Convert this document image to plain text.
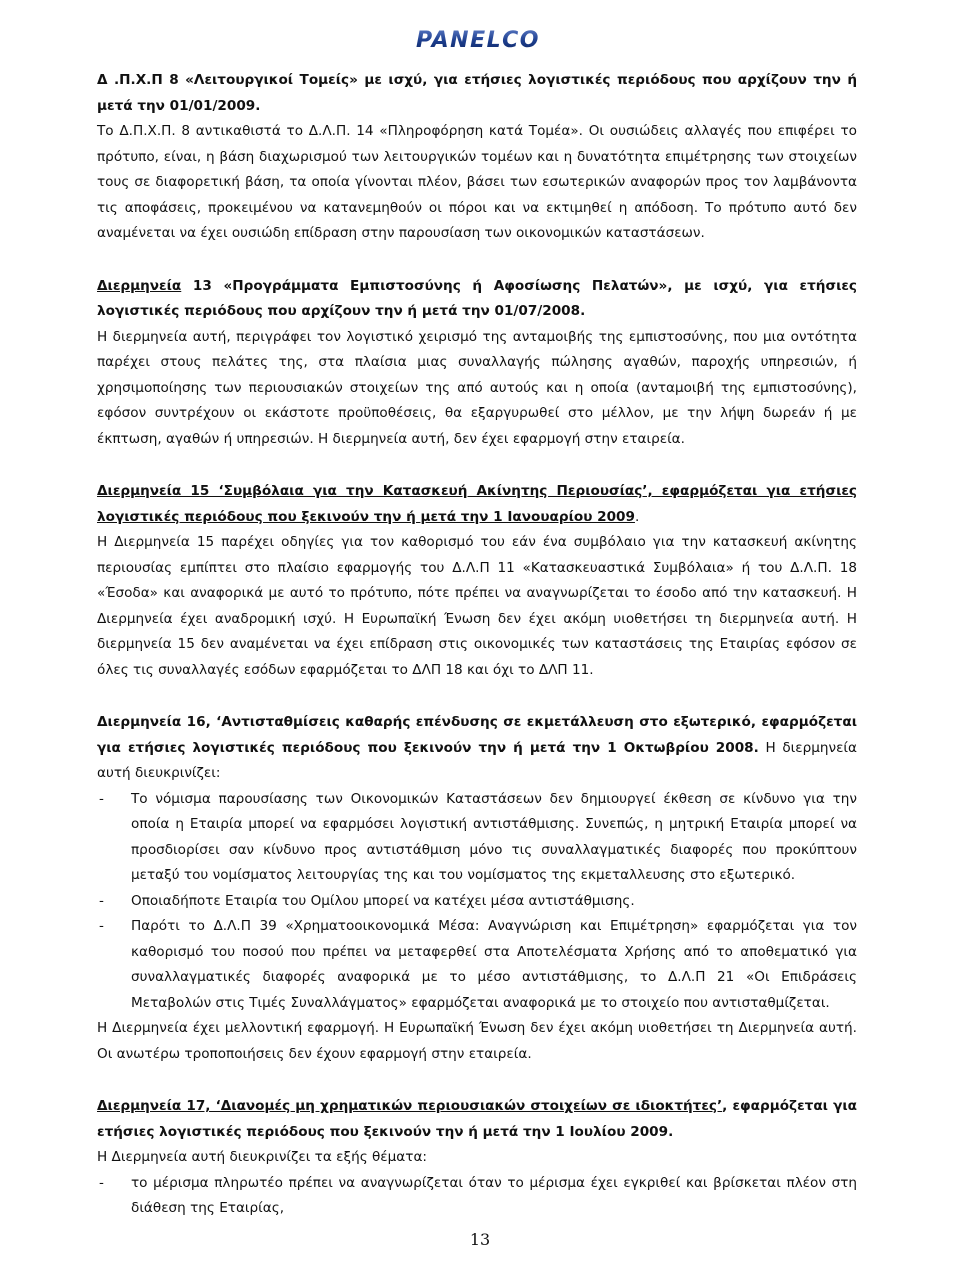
PANELCO

Δ .Π.Χ.Π 8 «Λειτουργικοί Τομείς» με ισχύ, για ετήσιες λογιστικές περιόδους που αρχίζουν την ή μετά την 01/01/2009.

Το Δ.Π.Χ.Π. 8 αντικαθιστά το Δ.Λ.Π. 14 «Πληροφόρηση κατά Τομέα». Οι ουσιώδεις αλλαγές που επιφέρει το πρότυπο, είναι, η βάση διαχωρισμού των λειτουργικών τομέων και η δυνατότητα επιμέτρησης των στοιχείων τους σε διαφορετική βάση, τα οποία γίνονται πλέον, βάσει των εσωτερικών αναφορών προς τον λαμβάνοντα τις αποφάσεις, προκειμένου να κατανεμηθούν οι πόροι και να εκτιμηθεί η απόδοση. Το πρότυπο αυτό δεν αναμένεται να έχει ουσιώδη επίδραση στην παρουσίαση των οικονομικών καταστάσεων.

Διερμηνεία 13 «Προγράμματα Εμπιστοσύνης ή Αφοσίωσης Πελατών», με ισχύ, για ετήσιες λογιστικές περιόδους που αρχίζουν την ή μετά την 01/07/2008.

Η διερμηνεία αυτή, περιγράφει τον λογιστικό χειρισμό της ανταμοιβής της εμπιστοσύνης, που μια οντότητα παρέχει στους πελάτες της, στα πλαίσια μιας συναλλαγής πώλησης αγαθών, παροχής υπηρεσιών, ή χρησιμοποίησης των περιουσιακών στοιχείων της από αυτούς και η οποία (ανταμοιβή της εμπιστοσύνης), εφόσον συντρέχουν οι εκάστοτε προϋποθέσεις, θα εξαργυρωθεί στο μέλλον, με την λήψη δωρεάν ή με έκπτωση, αγαθών ή υπηρεσιών. Η διερμηνεία αυτή, δεν έχει εφαρμογή στην εταιρεία.

Διερμηνεία 15 ‘Συμβόλαια για την Κατασκευή Ακίνητης Περιουσίας’, εφαρμόζεται για ετήσιες λογιστικές περιόδους που ξεκινούν την ή μετά την 1 Ιανουαρίου 2009.

Η Διερμηνεία 15 παρέχει οδηγίες για τον καθορισμό του εάν ένα συμβόλαιο για την κατασκευή ακίνητης περιουσίας εμπίπτει στο πλαίσιο εφαρμογής του Δ.Λ.Π 11 «Κατασκευαστικά Συμβόλαια» ή του Δ.Λ.Π. 18 «Έσοδα» και αναφορικά με αυτό το πρότυπο, πότε πρέπει να αναγνωρίζεται το έσοδο από την κατασκευή. Η Διερμηνεία έχει αναδρομική ισχύ. Η Ευρωπαϊκή Ένωση δεν έχει ακόμη υιοθετήσει τη διερμηνεία αυτή. Η διερμηνεία 15 δεν αναμένεται να έχει επίδραση στις οικονομικές των καταστάσεις της Εταιρίας εφόσον σε όλες τις συναλλαγές εσόδων εφαρμόζεται το ΔΛΠ 18 και όχι το ΔΛΠ 11.

Διερμηνεία 16, ‘Αντισταθμίσεις καθαρής επένδυσης σε εκμετάλλευση στο εξωτερικό, εφαρμόζεται για ετήσιες λογιστικές περιόδους που ξεκινούν την ή μετά την 1 Οκτωβρίου 2008. Η διερμηνεία αυτή διευκρινίζει:

- Το νόμισμα παρουσίασης των Οικονομικών Καταστάσεων δεν δημιουργεί έκθεση σε κίνδυνο για την οποία η Εταιρία μπορεί να εφαρμόσει λογιστική αντιστάθμισης. Συνεπώς, η μητρική Εταιρία μπορεί να προσδιορίσει σαν κίνδυνο προς αντιστάθμιση μόνο τις συναλλαγματικές διαφορές που προκύπτουν μεταξύ του νομίσματος λειτουργίας της και του νομίσματος της εκμεταλλευσης στο εξωτερικό.
- Οποιαδήποτε Εταιρία του Ομίλου μπορεί να κατέχει μέσα αντιστάθμισης.
- Παρότι το Δ.Λ.Π 39 «Χρηματοοικονομικά Μέσα: Αναγνώριση και Επιμέτρηση» εφαρμόζεται για τον καθορισμό του ποσού που πρέπει να μεταφερθεί στα Αποτελέσματα Χρήσης από το αποθεματικό για συναλλαγματικές διαφορές αναφορικά με το μέσο αντιστάθμισης, το Δ.Λ.Π 21 «Οι Επιδράσεις Μεταβολών στις Τιμές Συναλλάγματος» εφαρμόζεται αναφορικά με το στοιχείο που αντισταθμίζεται.

Η Διερμηνεία έχει μελλοντική εφαρμογή. Η Ευρωπαϊκή Ένωση δεν έχει ακόμη υιοθετήσει τη Διερμηνεία αυτή. Οι ανωτέρω τροποποιήσεις δεν έχουν εφαρμογή στην εταιρεία.

Διερμηνεία 17, ‘Διανομές μη χρηματικών περιουσιακών στοιχείων σε ιδιοκτήτες’, εφαρμόζεται για ετήσιες λογιστικές περιόδους που ξεκινούν την ή μετά την 1 Ιουλίου 2009.

Η Διερμηνεία αυτή διευκρινίζει τα εξής θέματα:

- το μέρισμα πληρωτέο πρέπει να αναγνωρίζεται όταν το μέρισμα έχει εγκριθεί και βρίσκεται πλέον στη διάθεση της Εταιρίας,
13
